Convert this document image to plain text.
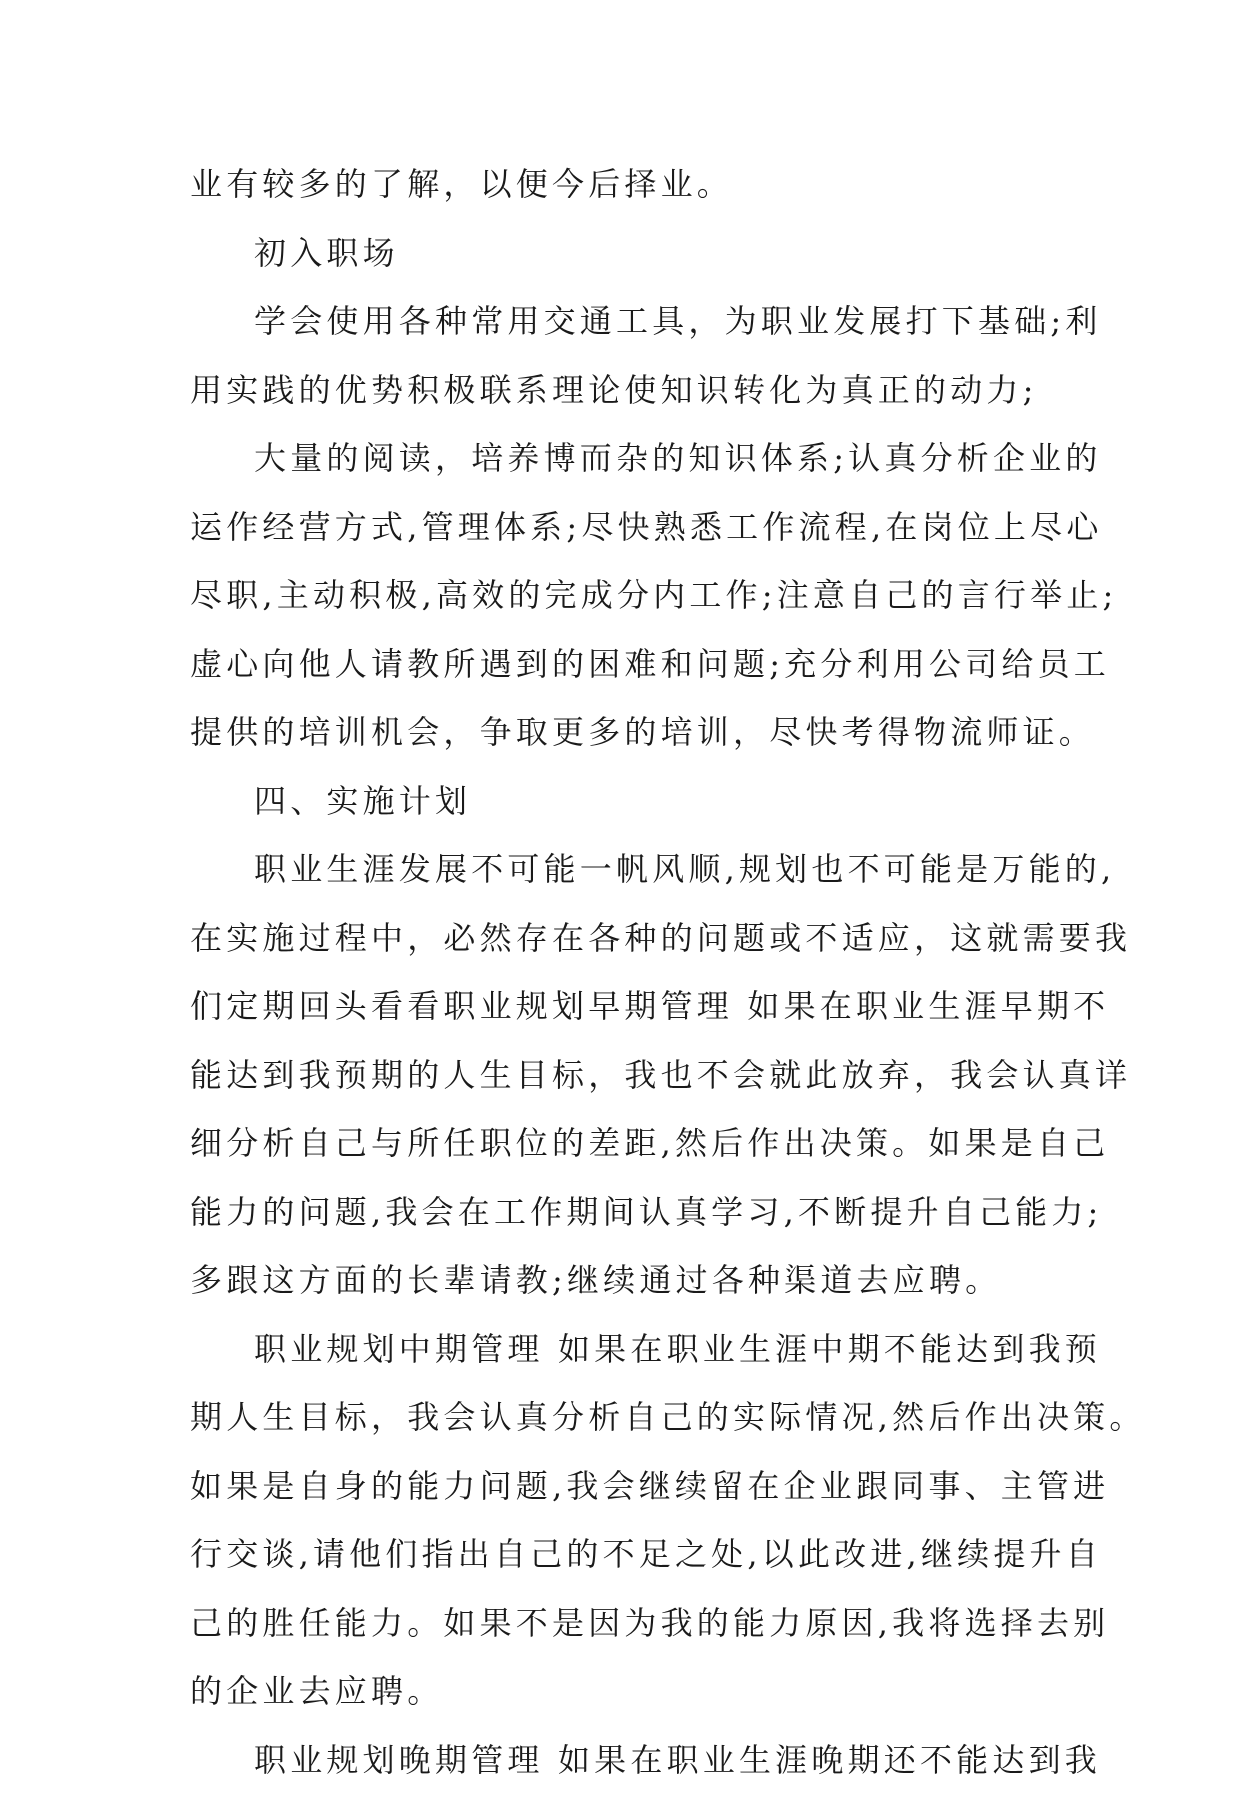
业有较多的了解，以便今后择业。
初入职场
学会使用各种常用交通工具，为职业发展打下基础;利
用实践的优势积极联系理论使知识转化为真正的动力;
大量的阅读，培养博而杂的知识体系;认真分析企业的
运作经营方式,管理体系;尽快熟悉工作流程,在岗位上尽心
尽职,主动积极,高效的完成分内工作;注意自己的言行举止;
虚心向他人请教所遇到的困难和问题;充分利用公司给员工
提供的培训机会，争取更多的培训，尽快考得物流师证。
四、实施计划
职业生涯发展不可能一帆风顺,规划也不可能是万能的,
在实施过程中，必然存在各种的问题或不适应，这就需要我
们定期回头看看职业规划早期管理 如果在职业生涯早期不
能达到我预期的人生目标，我也不会就此放弃，我会认真详
细分析自己与所任职位的差距,然后作出决策。如果是自己
能力的问题,我会在工作期间认真学习,不断提升自己能力;
多跟这方面的长辈请教;继续通过各种渠道去应聘。
职业规划中期管理 如果在职业生涯中期不能达到我预
期人生目标，我会认真分析自己的实际情况,然后作出决策。
如果是自身的能力问题,我会继续留在企业跟同事、主管进
行交谈,请他们指出自己的不足之处,以此改进,继续提升自
己的胜任能力。如果不是因为我的能力原因,我将选择去别
的企业去应聘。
职业规划晚期管理 如果在职业生涯晚期还不能达到我
